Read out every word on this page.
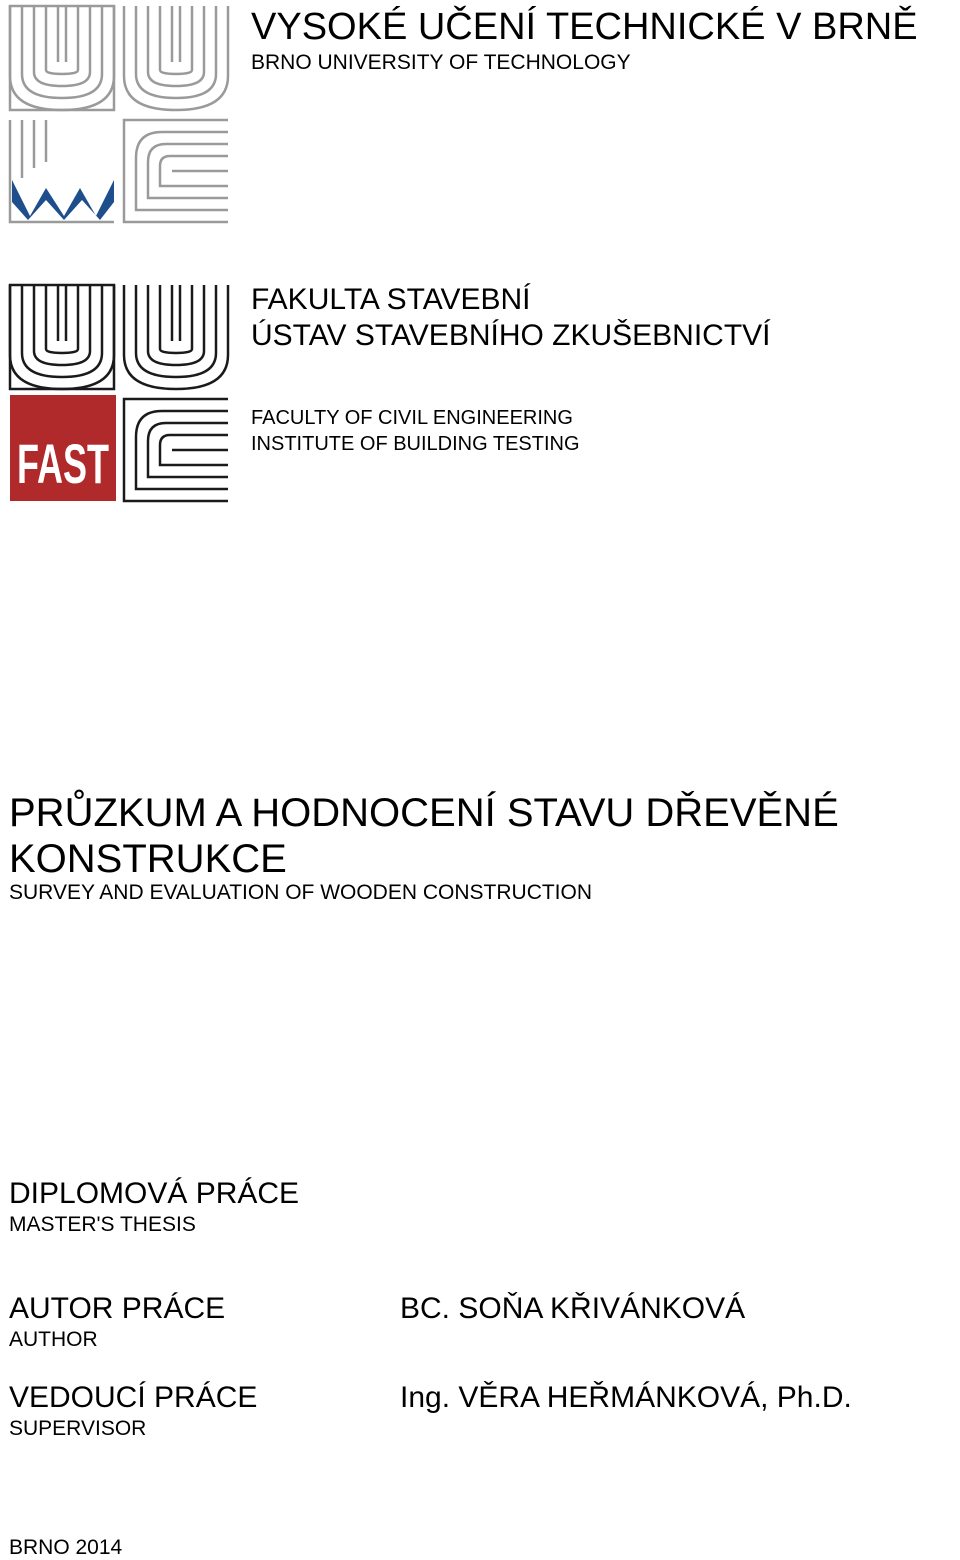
VYSOKÉ UČENÍ TECHNICKÉ V BRNĚ
BRNO UNIVERSITY OF TECHNOLOGY
FAST
FAKULTA STAVEBNÍ
ÚSTAV STAVEBNÍHO ZKUŠEBNICTVÍ
FACULTY OF CIVIL ENGINEERING
INSTITUTE OF BUILDING TESTING
PRŮZKUM A HODNOCENÍ STAVU DŘEVĚNÉ KONSTRUKCE
SURVEY AND EVALUATION OF WOODEN CONSTRUCTION
DIPLOMOVÁ PRÁCE
MASTER'S THESIS
AUTOR PRÁCE
AUTHOR
BC. SOŇA KŘIVÁNKOVÁ
VEDOUCÍ PRÁCE
SUPERVISOR
Ing. VĚRA HEŘMÁNKOVÁ, Ph.D.
BRNO 2014
